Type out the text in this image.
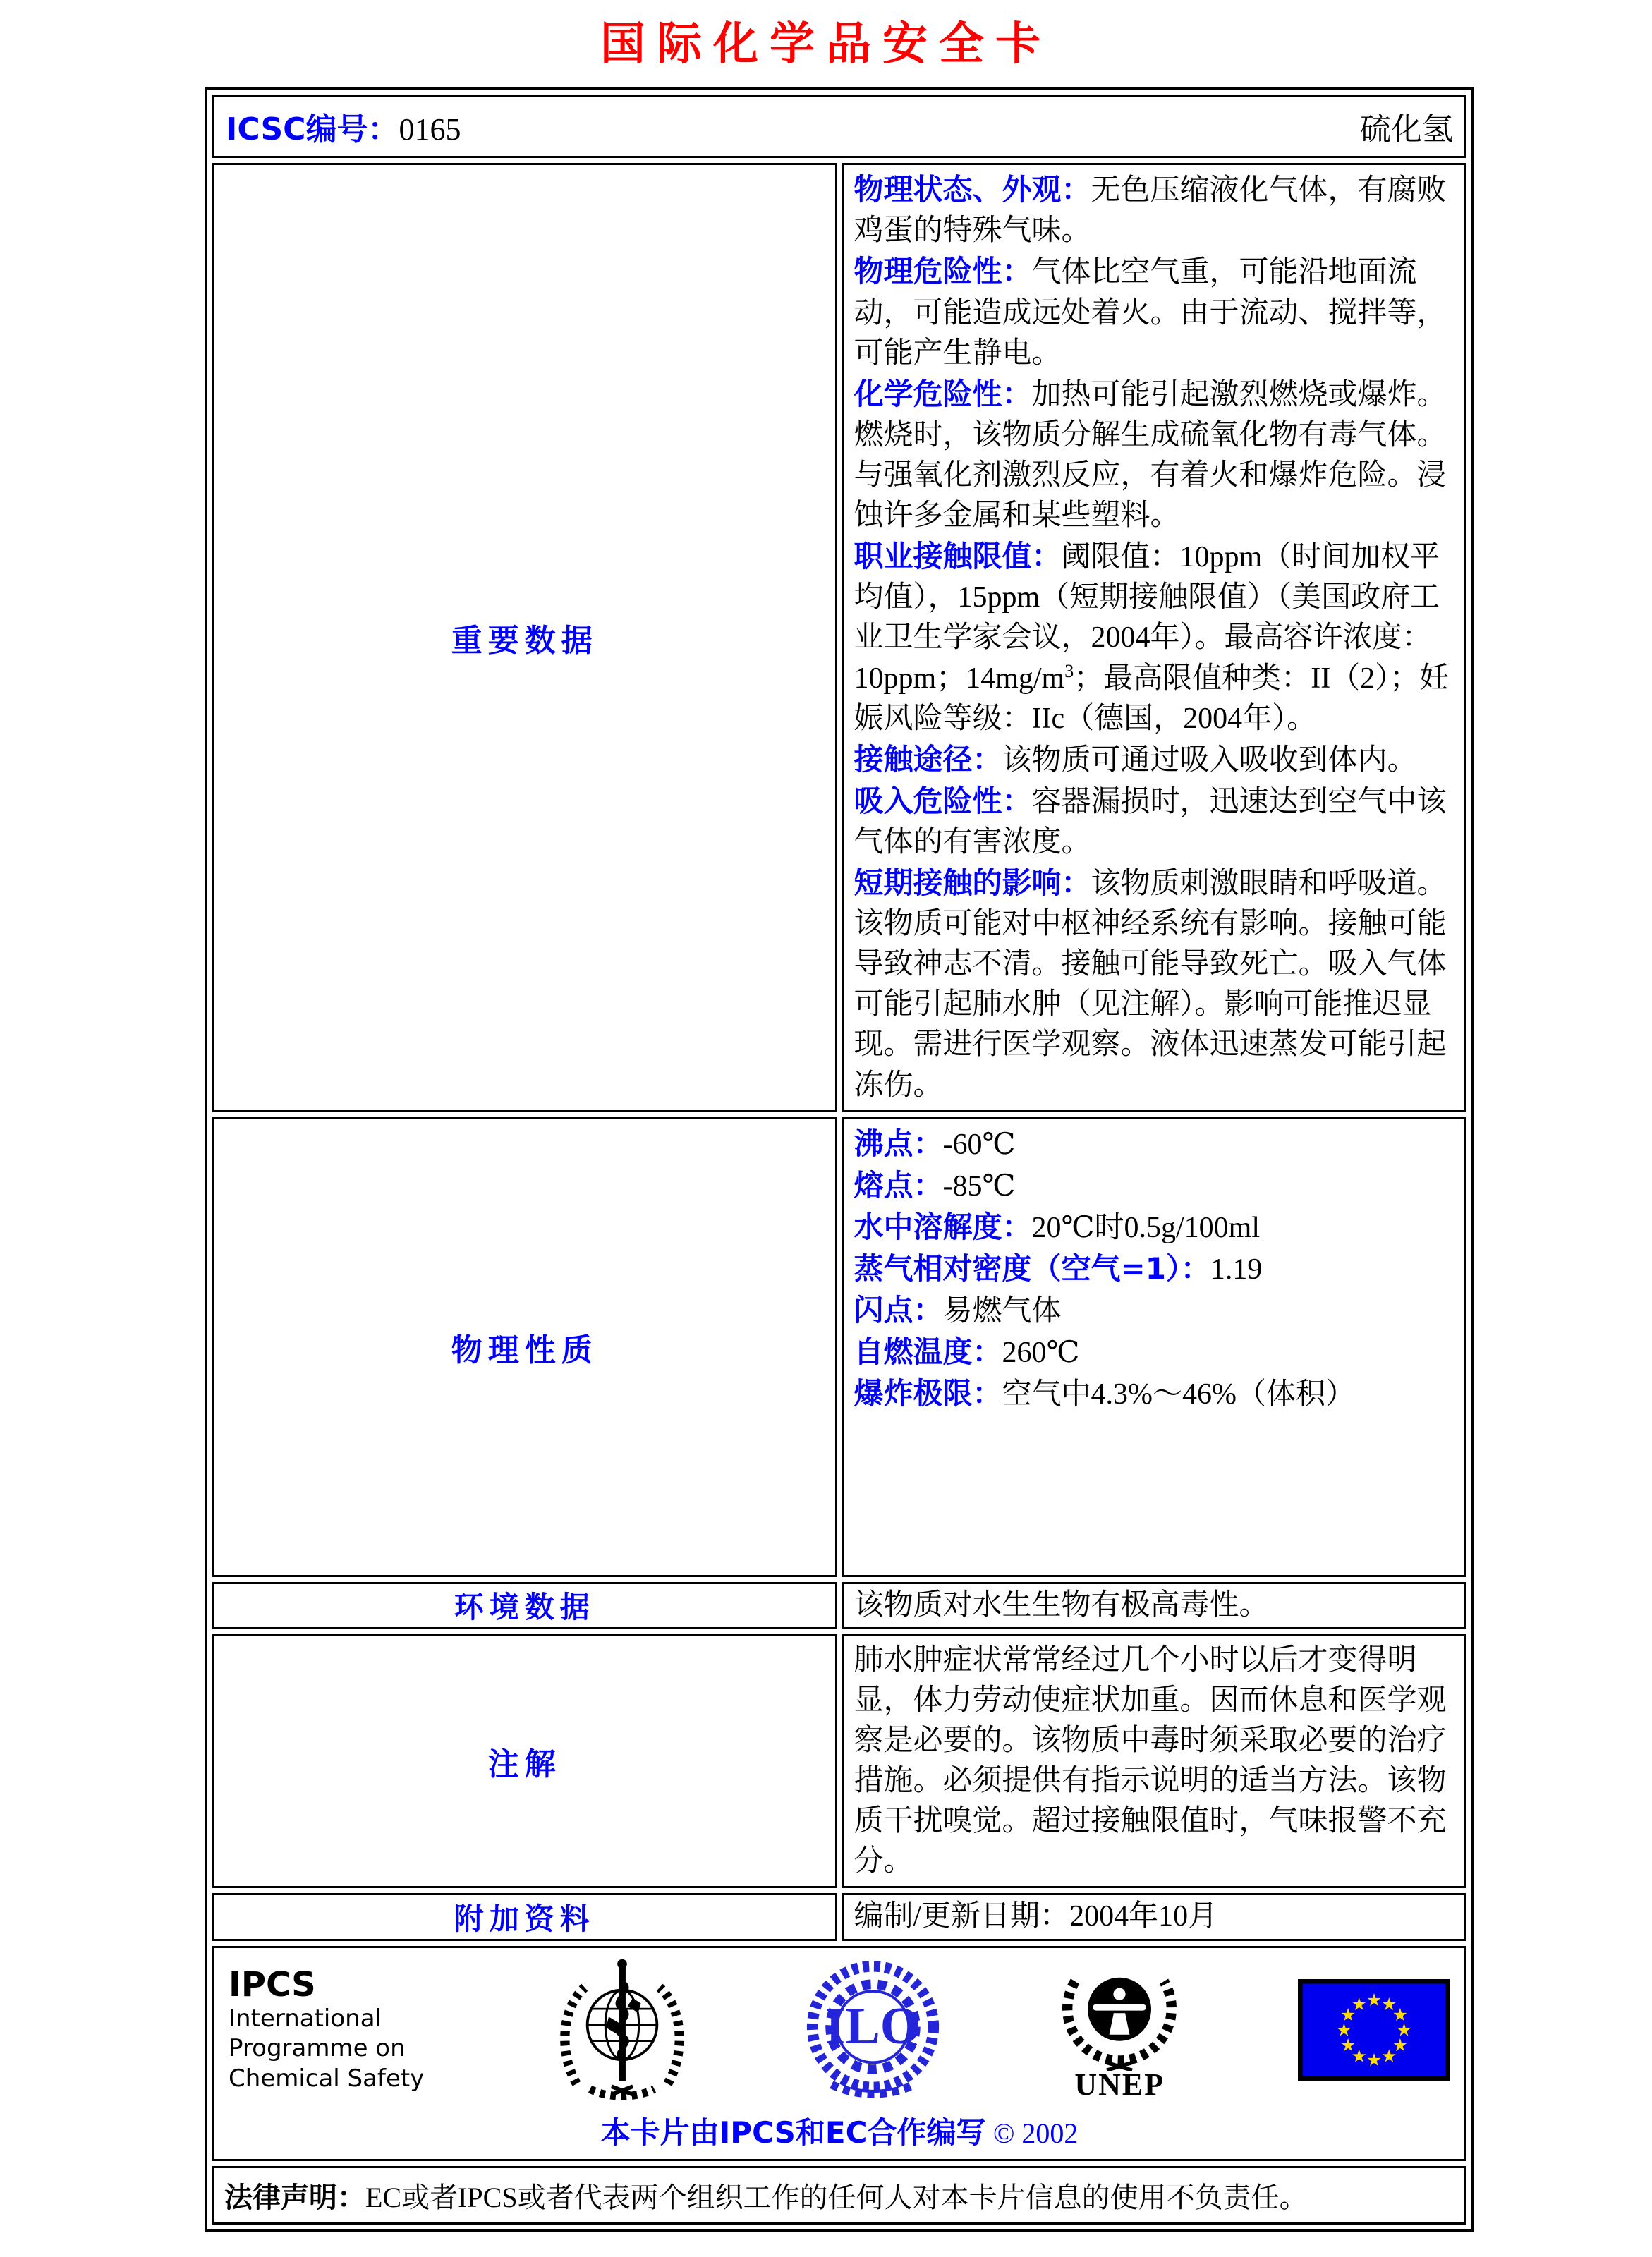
国际化学品安全卡
ICSC编号：0165 硫化氢	

重要数据	
物理状态、外观：无色压缩液化气体，有腐败鸡蛋的特殊气味。
物理危险性：气体比空气重，可能沿地面流动，可能造成远处着火。由于流动、搅拌等，可能产生静电。
化学危险性：加热可能引起激烈燃烧或爆炸。燃烧时，该物质分解生成硫氧化物有毒气体。与强氧化剂激烈反应，有着火和爆炸危险。浸蚀许多金属和某些塑料。
职业接触限值：阈限值：10ppm（时间加权平均值），15ppm（短期接触限值）（美国政府工业卫生学家会议，2004年）。最高容许浓度：10ppm；$14mg/m^3$；最高限值种类：II（2）；妊娠风险等级：IIc（德国，2004年）。
接触途径：该物质可通过吸入吸收到体内。
吸入危险性：容器漏损时，迅速达到空气中该气体的有害浓度。
短期接触的影响：该物质刺激眼睛和呼吸道。该物质可能对中枢神经系统有影响。接触可能导致神志不清。接触可能导致死亡。吸入气体可能引起肺水肿（见注解）。影响可能推迟显现。需进行医学观察。液体迅速蒸发可能引起冻伤。

物理性质	
沸点：-60℃
熔点：-85℃
水中溶解度：20℃时0.5g/100ml
蒸气相对密度（空气=1）：1.19
闪点：易燃气体
自燃温度：260℃
爆炸极限：空气中4.3%～46%（体积）

环境数据	该物质对水生生物有极高毒性。
注解	肺水肿症状常常经过几个小时以后才变得明显，体力劳动使症状加重。因而休息和医学观察是必要的。该物质中毒时须采取必要的治疗措施。必须提供有指示说明的适当方法。该物质干扰嗅觉。超过接触限值时，气味报警不充分。
附加资料	编制/更新日期：2004年10月

IPCS
International
Programme on
Chemical Safety
ILO
UNEP
★
★
★
★
★
★
★
★
★
★
★
★
本卡片由IPCS和EC合作编写 © 2002

法律声明：EC或者IPCS或者代表两个组织工作的任何人对本卡片信息的使用不负责任。	
